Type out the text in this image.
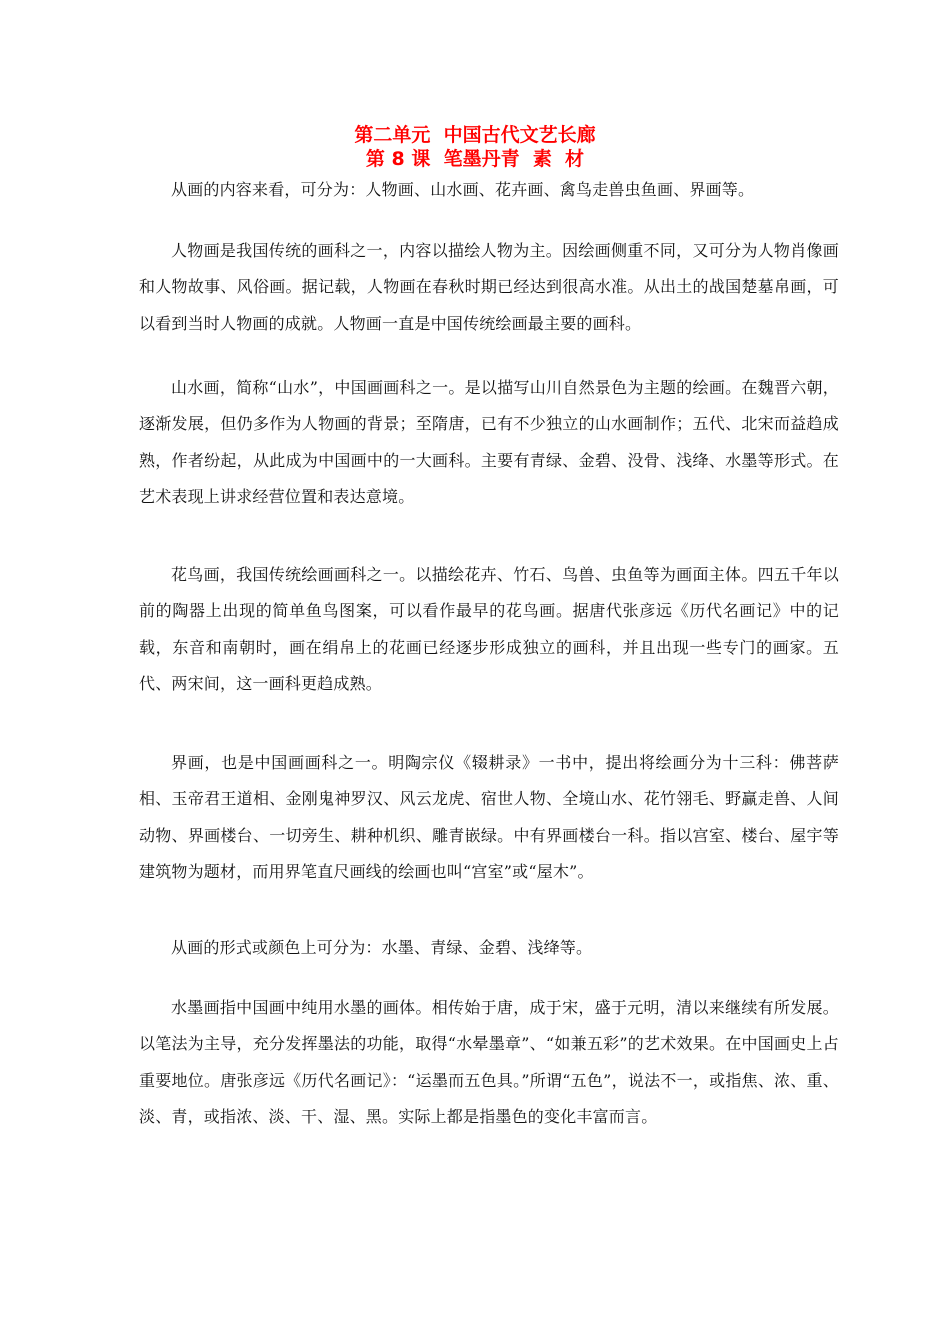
第二单元  中国古代文艺长廊

第 8 课  笔墨丹青  素  材

从画的内容来看，可分为：人物画、山水画、花卉画、禽鸟走兽虫鱼画、界画等。

人物画是我国传统的画科之一，内容以描绘人物为主。因绘画侧重不同，又可分为人物肖像画和人物故事、风俗画。据记载，人物画在春秋时期已经达到很高水准。从出土的战国楚墓帛画，可以看到当时人物画的成就。人物画一直是中国传统绘画最主要的画科。

山水画，简称“山水”，中国画画科之一。是以描写山川自然景色为主题的绘画。在魏晋六朝，逐渐发展，但仍多作为人物画的背景；至隋唐，已有不少独立的山水画制作；五代、北宋而益趋成熟，作者纷起，从此成为中国画中的一大画科。主要有青绿、金碧、没骨、浅绛、水墨等形式。在艺术表现上讲求经营位置和表达意境。

花鸟画，我国传统绘画画科之一。以描绘花卉、竹石、鸟兽、虫鱼等为画面主体。四五千年以前的陶器上出现的简单鱼鸟图案，可以看作最早的花鸟画。据唐代张彦远《历代名画记》中的记载，东音和南朝时，画在绢帛上的花画已经逐步形成独立的画科，并且出现一些专门的画家。五代、两宋间，这一画科更趋成熟。

界画，也是中国画画科之一。明陶宗仪《辍耕录》一书中，提出将绘画分为十三科：佛菩萨相、玉帝君王道相、金刚鬼神罗汉、风云龙虎、宿世人物、全境山水、花竹翎毛、野赢走兽、人间动物、界画楼台、一切旁生、耕种机织、雕青嵌绿。中有界画楼台一科。指以宫室、楼台、屋宇等建筑物为题材，而用界笔直尺画线的绘画也叫“宫室”或“屋木”。

从画的形式或颜色上可分为：水墨、青绿、金碧、浅绛等。

水墨画指中国画中纯用水墨的画体。相传始于唐，成于宋，盛于元明，清以来继续有所发展。以笔法为主导，充分发挥墨法的功能，取得“水晕墨章”、“如兼五彩”的艺术效果。在中国画史上占重要地位。唐张彦远《历代名画记》：“运墨而五色具。”所谓“五色”，说法不一，或指焦、浓、重、淡、青，或指浓、淡、干、湿、黑。实际上都是指墨色的变化丰富而言。
